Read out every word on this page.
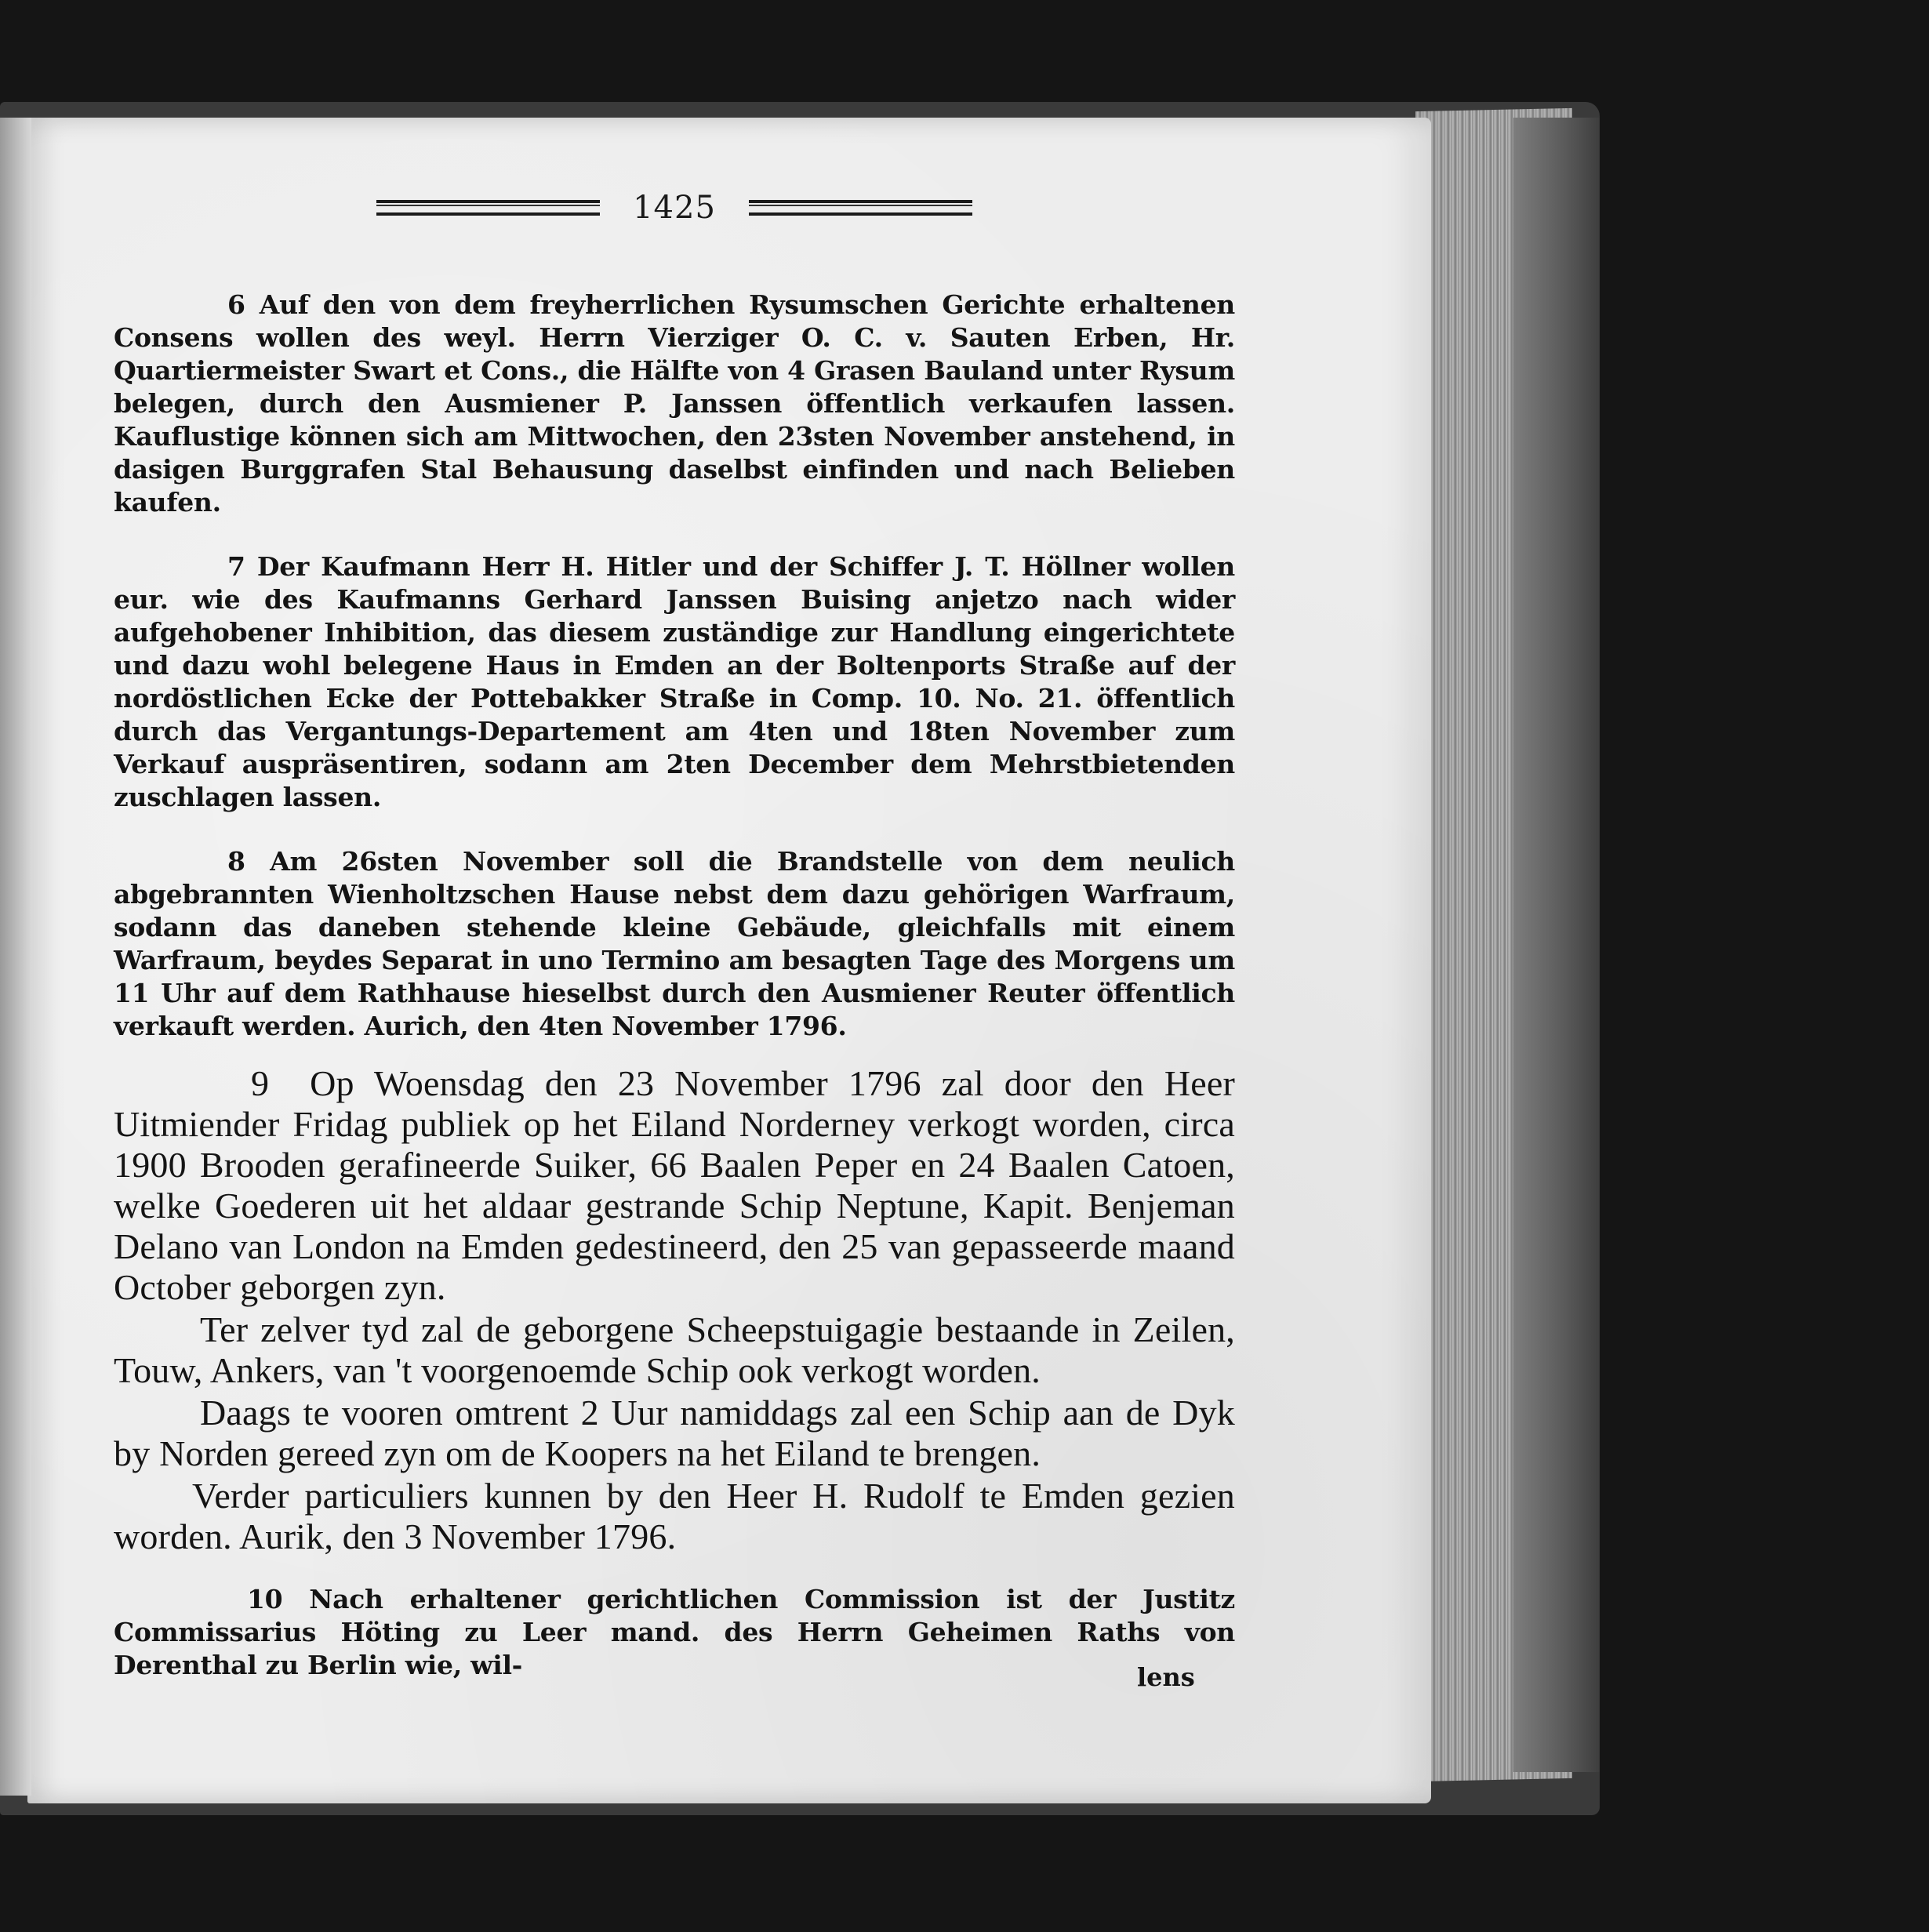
1425

6 Auf den von dem freyherrlichen Rysumschen Gerichte erhaltenen Consens wollen des weyl. Herrn Vierziger O. C. v. Sauten Erben, Hr. Quartiermeister Swart et Cons., die Hälfte von 4 Grasen Bauland unter Rysum belegen, durch den Ausmiener P. Janssen öffentlich verkaufen lassen. Kauflustige können sich am Mittwochen, den 23sten November anstehend, in dasigen Burggrafen Stal Behausung daselbst einfinden und nach Belieben kaufen.

7 Der Kaufmann Herr H. Hitler und der Schiffer J. T. Höllner wollen eur. wie des Kaufmanns Gerhard Janssen Buising anjetzo nach wider aufgehobener Inhibition, das diesem zuständige zur Handlung eingerichtete und dazu wohl belegene Haus in Emden an der Boltenports Straße auf der nordöstlichen Ecke der Pottebakker Straße in Comp. 10. No. 21. öffentlich durch das Vergantungs-Departement am 4ten und 18ten November zum Verkauf auspräsentiren, sodann am 2ten December dem Mehrstbietenden zuschlagen lassen.

8 Am 26sten November soll die Brandstelle von dem neulich abgebrannten Wienholtzschen Hause nebst dem dazu gehörigen Warfraum, sodann das daneben stehende kleine Gebäude, gleichfalls mit einem Warfraum, beydes Separat in uno Termino am besagten Tage des Morgens um 11 Uhr auf dem Rathhause hieselbst durch den Ausmiener Reuter öffentlich verkauft werden. Aurich, den 4ten November 1796.

9 Op Woensdag den 23 November 1796 zal door den Heer Uitmiender Fridag publiek op het Eiland Norderney verkogt worden, circa 1900 Brooden gerafineerde Suiker, 66 Baalen Peper en 24 Baalen Catoen, welke Goederen uit het aldaar gestrande Schip Neptune, Kapit. Benjeman Delano van London na Emden gedestineerd, den 25 van gepasseerde maand October geborgen zyn.

Ter zelver tyd zal de geborgene Scheepstuigagie bestaande in Zeilen, Touw, Ankers, van 't voorgenoemde Schip ook verkogt worden.

Daags te vooren omtrent 2 Uur namiddags zal een Schip aan de Dyk by Norden gereed zyn om de Koopers na het Eiland te brengen.

Verder particuliers kunnen by den Heer H. Rudolf te Emden gezien worden. Aurik, den 3 November 1796.

10 Nach erhaltener gerichtlichen Commission ist der Justitz Commissarius Höting zu Leer mand. des Herrn Geheimen Raths von Derenthal zu Berlin wie, wil-	lens
